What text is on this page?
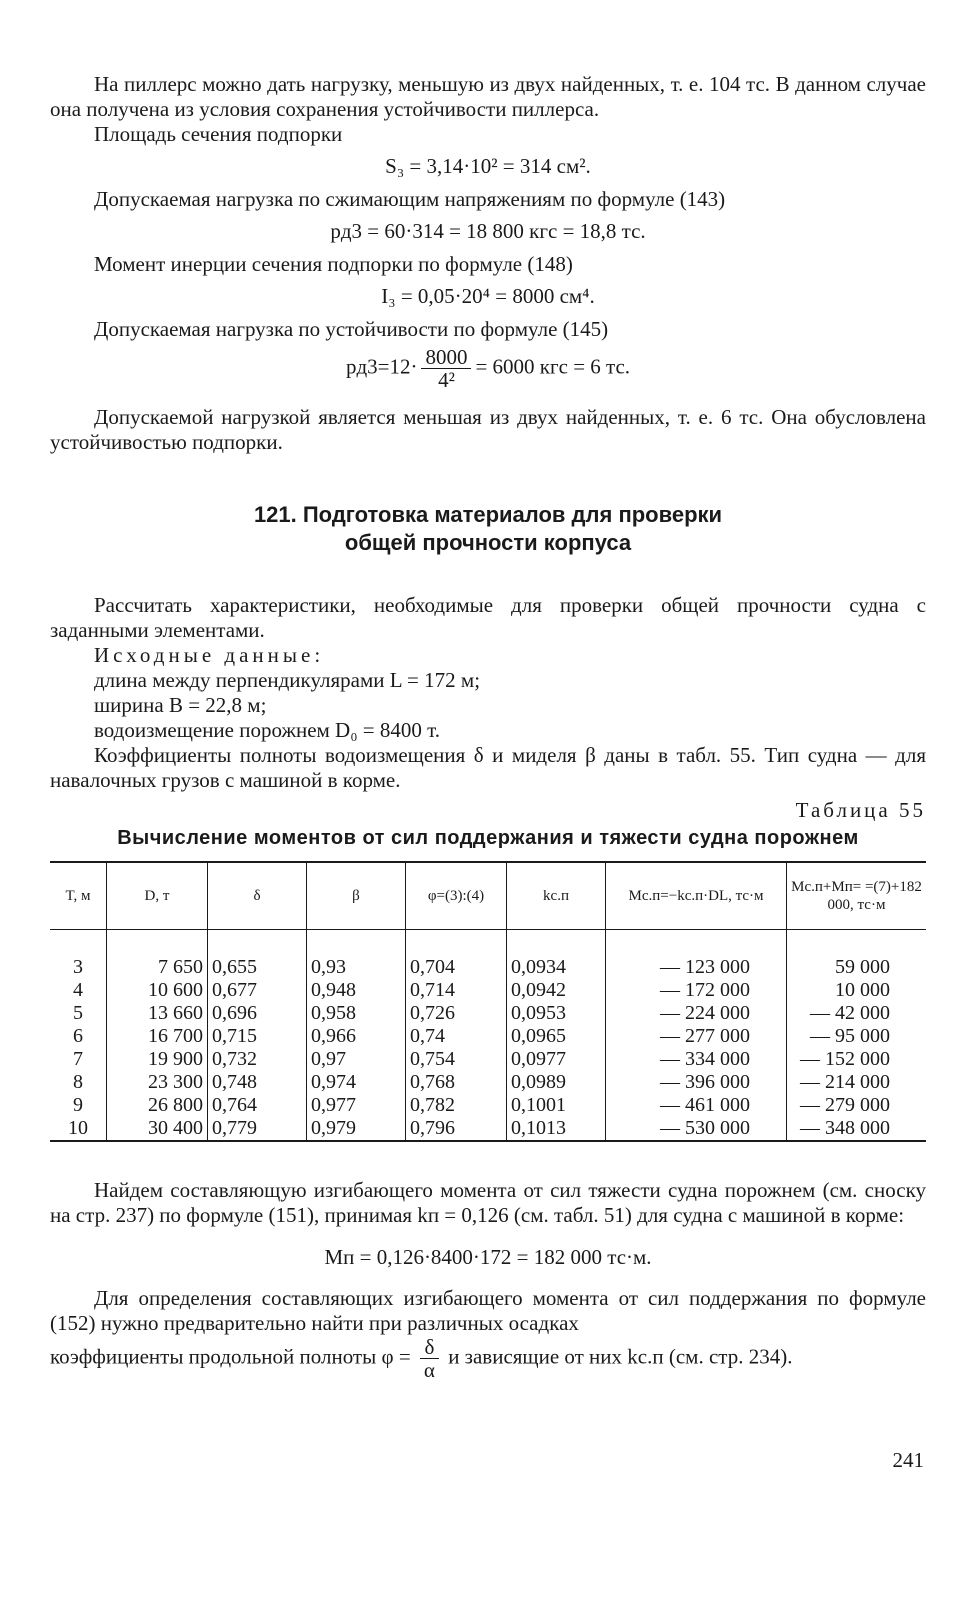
На пиллерс можно дать нагрузку, меньшую из двух найденных, т. е. 104 тс. В данном случае она получена из условия сохранения устойчивости пиллерса.

Площадь сечения подпорки

S₃ = 3,14·10² = 314 см².

Допускаемая нагрузка по сжимающим напряжениям по формуле (143)

pд3 = 60·314 = 18 800 кгс = 18,8 тс.

Момент инерции сечения подпорки по формуле (148)

I₃ = 0,05·20⁴ = 8000 см⁴.

Допускаемая нагрузка по устойчивости по формуле (145)

$pд3=12\cdot \frac{8000}{\text{4²}} = 6000$ кгс = 6 тс.

Допускаемой нагрузкой является меньшая из двух найденных, т. е. 6 тс. Она обусловлена устойчивостью подпорки.

121. Подготовка материалов для проверки
общей прочности корпуса

Рассчитать характеристики, необходимые для проверки общей прочности судна с заданными элементами.

Исходные данные:

длина между перпендикулярами L = 172 м;

ширина B = 22,8 м;

водоизмещение порожнем D₀ = 8400 т.

Коэффициенты полноты водоизмещения δ и миделя β даны в табл. 55. Тип судна — для навалочных грузов с машиной в корме.

Таблица 55
Вычисление моментов от сил поддержания и тяжести судна порожнем
T, м	D, т	δ	β	φ=(3):(4)	kс.п	Mс.п=−kс.п·DL, тс·м	Mс.п+Mп= =(7)+182 000, тс·м
3	7 650	0,655	0,93	0,704	0,0934	— 123 000	59 000
4	10 600	0,677	0,948	0,714	0,0942	— 172 000	10 000
5	13 660	0,696	0,958	0,726	0,0953	— 224 000	— 42 000
6	16 700	0,715	0,966	0,74	0,0965	— 277 000	— 95 000
7	19 900	0,732	0,97	0,754	0,0977	— 334 000	— 152 000
8	23 300	0,748	0,974	0,768	0,0989	— 396 000	— 214 000
9	26 800	0,764	0,977	0,782	0,1001	— 461 000	— 279 000
10	30 400	0,779	0,979	0,796	0,1013	— 530 000	— 348 000

Найдем составляющую изгибающего момента от сил тяжести судна порожнем (см. сноску на стр. 237) по формуле (151), принимая kп = 0,126 (см. табл. 51) для судна с машиной в корме:

Mп = 0,126·8400·172 = 182 000 тс·м.

Для определения составляющих изгибающего момента от сил поддержания по формуле (152) нужно предварительно найти при различных осадках

коэффициенты продольной полноты $\varphi = \frac{\delta}{\alpha}$ и зависящие от них kс.п (см. стр. 234).

241
